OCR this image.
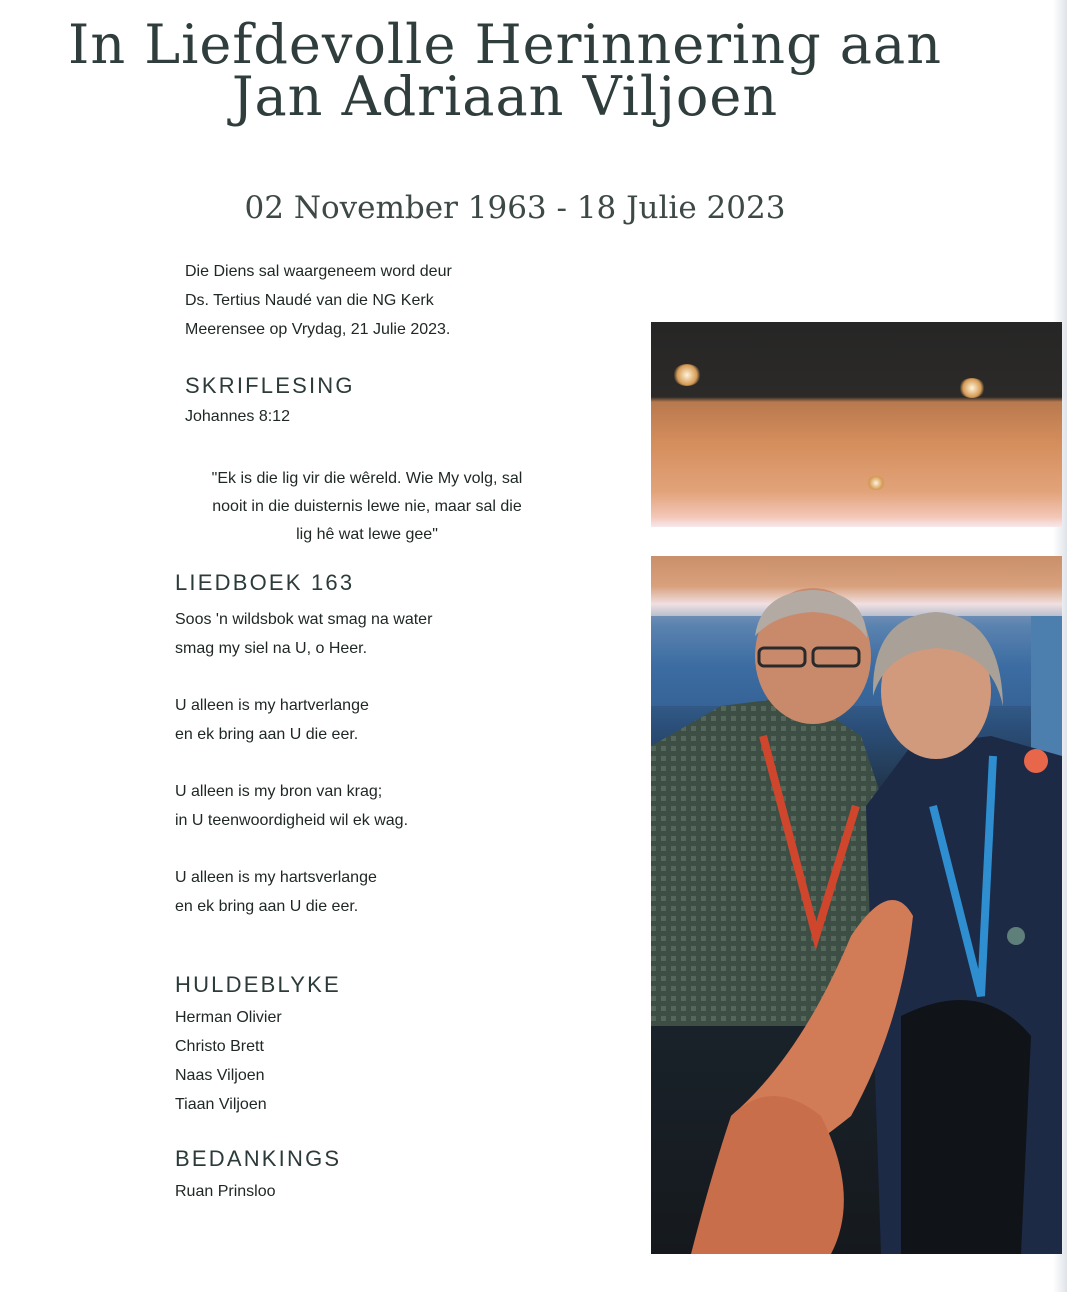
In Liefdevolle Herinnering aan
Jan Adriaan Viljoen
02 November 1963 - 18 Julie 2023
Die Diens sal waargeneem word deur
Ds. Tertius Naudé van die NG Kerk
Meerensee op Vrydag, 21 Julie 2023.
SKRIFLESING
Johannes 8:12
"Ek is die lig vir die wêreld. Wie My volg, sal
nooit in die duisternis lewe nie, maar sal die
lig hê wat lewe gee"
LIEDBOEK 163
Soos 'n wildsbok wat smag na water
smag my siel na U, o Heer.
U alleen is my hartverlange
en ek bring aan U die eer.
U alleen is my bron van krag;
in U teenwoordigheid wil ek wag.
U alleen is my hartsverlange
en ek bring aan U die eer.
HULDEBLYKE
Herman Olivier
Christo Brett
Naas Viljoen
Tiaan Viljoen
BEDANKINGS
Ruan Prinsloo
